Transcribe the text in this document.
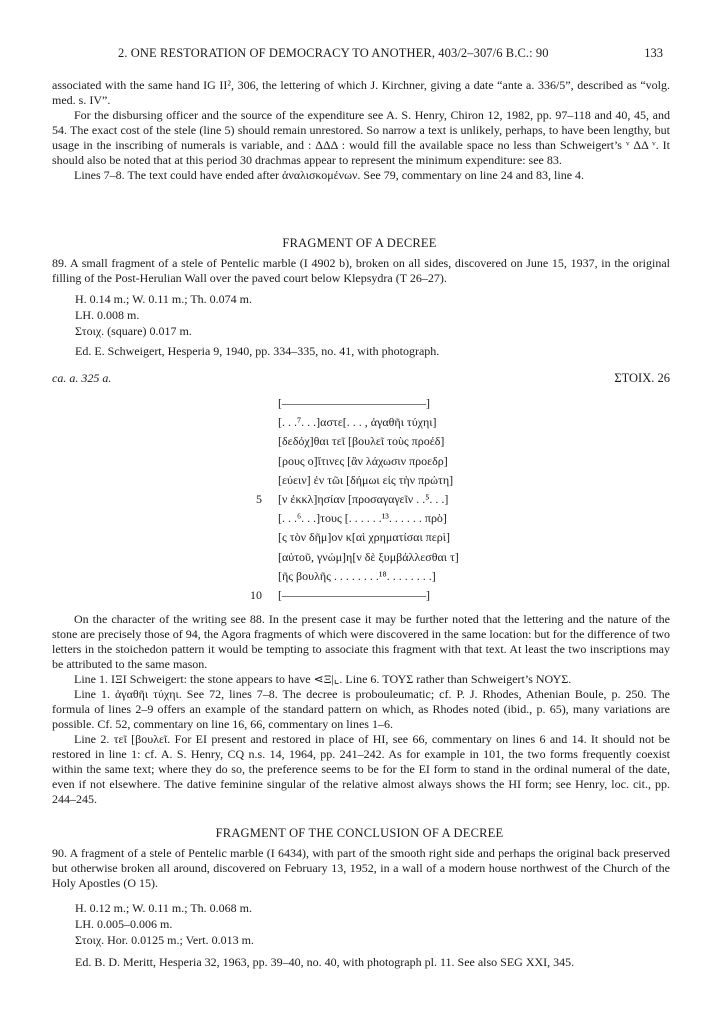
2. ONE RESTORATION OF DEMOCRACY TO ANOTHER, 403/2–307/6 B.C.: 90	133

associated with the same hand IG II², 306, the lettering of which J. Kirchner, giving a date “ante a. 336/5”, described as “volg. med. s. IV”.

For the disbursing officer and the source of the expenditure see A. S. Henry, Chiron 12, 1982, pp. 97–118 and 40, 45, and 54. The exact cost of the stele (line 5) should remain unrestored. So narrow a text is unlikely, perhaps, to have been lengthy, but usage in the inscribing of numerals is variable, and : ΔΔΔ : would fill the available space no less than Schweigert’s ᵛ ΔΔ ᵛ. It should also be noted that at this period 30 drachmas appear to represent the minimum expenditure: see 83.

Lines 7–8. The text could have ended after ἀναλισκομένων. See 79, commentary on line 24 and 83, line 4.

FRAGMENT OF A DECREE
89. A small fragment of a stele of Pentelic marble (I 4902 b), broken on all sides, discovered on June 15, 1937, in the original filling of the Post-Herulian Wall over the paved court below Klepsydra (T 26–27).
H. 0.14 m.; W. 0.11 m.; Th. 0.074 m.
LH. 0.008 m.
Στοιχ. (square) 0.017 m.
Ed. E. Schweigert, Hesperia 9, 1940, pp. 334–335, no. 41, with photograph.
ca. a. 325 a.	ΣΤΟΙΧ. 26
5
10
[––––––––––––––––––––––––]
[. . .⁷. . .]αστε[. . . , ἀγαθῆι τύχηι]
[δεδόχ]θαι τεῖ [βουλεῖ τοὺς προέδ]
[ρους ο]ἵτινες [ἂν λάχωσιν προεδρ]
[εύειν] ἐν τῶι [δήμωι εἰς τὴν πρώτη]
[ν ἐκκλ]ησίαν [προσαγαγεῖν . .⁵. . .]
[. . .⁶. . .]τους [. . . . . .¹³. . . . . . πρὸ]
[ς τὸν δῆμ]ον κ[αὶ χρηματίσαι περὶ]
[αὐτοῦ, γνώμ]η[ν δὲ ξυμβάλλεσθαι τ]
[ῆς βουλῆς . . . . . . . .¹⁸. . . . . . . .]
[––––––––––––––––––––––––]

On the character of the writing see 88. In the present case it may be further noted that the lettering and the nature of the stone are precisely those of 94, the Agora fragments of which were discovered in the same location: but for the difference of two letters in the stoichedon pattern it would be tempting to associate this fragment with that text. At least the two inscriptions may be attributed to the same mason.

Line 1. ΙΞΙ Schweigert: the stone appears to have ⋖Ξ|⌞. Line 6. ΤΟΥΣ rather than Schweigert’s ΝΟΥΣ.

Line 1. ἀγαθῆι τύχηι. See 72, lines 7–8. The decree is probouleumatic; cf. P. J. Rhodes, Athenian Boule, p. 250. The formula of lines 2–9 offers an example of the standard pattern on which, as Rhodes noted (ibid., p. 65), many variations are possible. Cf. 52, commentary on line 16, 66, commentary on lines 1–6.

Line 2. τεῖ [βουλεῖ. For EI present and restored in place of HI, see 66, commentary on lines 6 and 14. It should not be restored in line 1: cf. A. S. Henry, CQ n.s. 14, 1964, pp. 241–242. As for example in 101, the two forms frequently coexist within the same text; where they do so, the preference seems to be for the EI form to stand in the ordinal numeral of the date, even if not elsewhere. The dative feminine singular of the relative almost always shows the HI form; see Henry, loc. cit., pp. 244–245.

FRAGMENT OF THE CONCLUSION OF A DECREE
90. A fragment of a stele of Pentelic marble (I 6434), with part of the smooth right side and perhaps the original back preserved but otherwise broken all around, discovered on February 13, 1952, in a wall of a modern house northwest of the Church of the Holy Apostles (O 15).
H. 0.12 m.; W. 0.11 m.; Th. 0.068 m.
LH. 0.005–0.006 m.
Στοιχ. Hor. 0.0125 m.; Vert. 0.013 m.
Ed. B. D. Meritt, Hesperia 32, 1963, pp. 39–40, no. 40, with photograph pl. 11. See also SEG XXI, 345.
